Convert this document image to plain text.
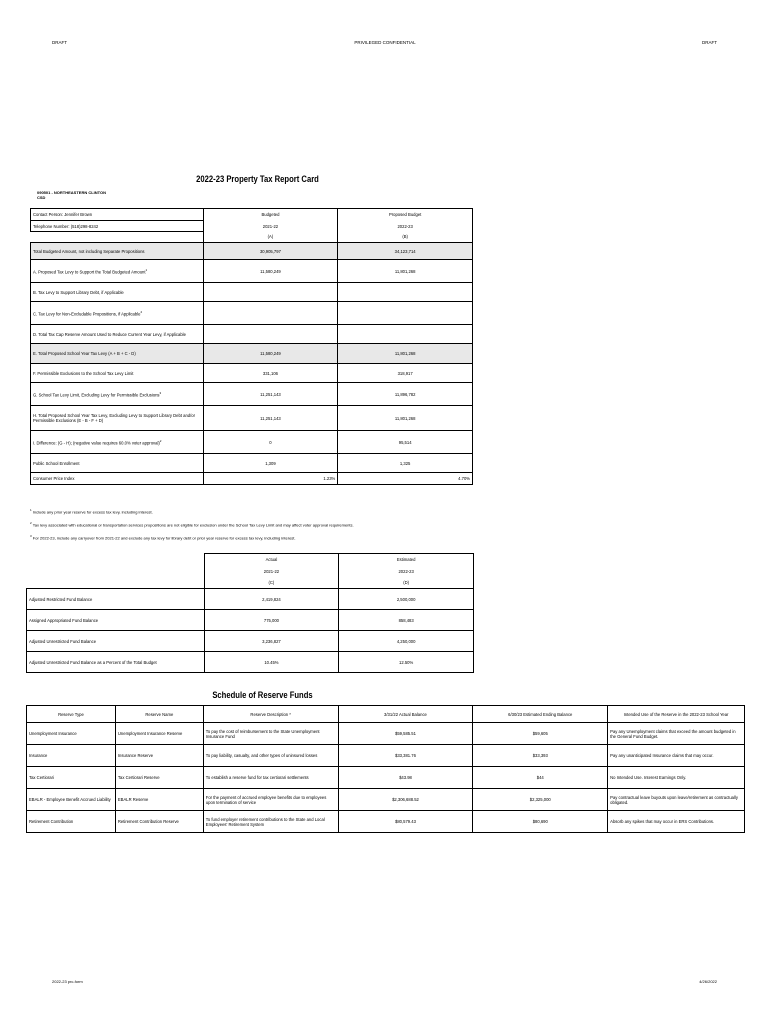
DRAFT	PRIVILEGED CONFIDENTIAL	DRAFT
2022-23 Property Tax Report Card
090501 - NORTHEASTERN CLINTON
CSD
Contact Person: Jennifer Brown	Budgeted	Proposed Budget
Telephone Number: (518)298-8242	2021-22	2022-23
	(A)	(B)
Total Budgeted Amount, not including Separate Propositions	30,905,797	34,123,714
A. Proposed Tax Levy to Support the Total Budgeted Amount$^1$	11,580,249	11,801,268
B. Tax Levy to Support Library Debt, if Applicable		
C. Tax Levy for Non-Excludable Propositions, if Applicable$^2$		
D. Total Tax Cap Reserve Amount Used to Reduce Current Year Levy, if Applicable		
E. Total Proposed School Year Tax Levy (A + B + C - D)	11,580,249	11,801,268
F. Permissible Exclusions to the School Tax Levy Limit	331,106	318,917
G. School Tax Levy Limit, Excluding Levy for Permissible Exclusions$^3$	11,251,143	11,896,782
H. Total Proposed School Year Tax Levy, Excluding Levy to Support Library Debt and/or Permissible Exclusions (E - B - F + D)	11,251,143	11,801,268
I. Difference: (G - H); (negative value requires 60.0% voter approval)$^2$	0	95,514
Public School Enrollment	1,309	1,325
Consumer Price Index	1.23%	4.70%
$^1$ Include any prior year reserve for excess tax levy, including interest.
$^2$ Tax levy associated with educational or transportation services propositions are not eligible for exclusion under the School Tax Levy Limit and may affect voter approval requirements.
$^3$ For 2022-23, include any carryover from 2021-22 and exclude any tax levy for library debt or prior year reserve for excess tax levy, including interest.
	Actual	Estimated
	2021-22	2022-23
	(C)	(D)
Adjusted Restricted Fund Balance	2,419,824	2,500,000
Assigned Appropriated Fund Balance	775,000	858,483
Adjusted Unrestricted Fund Balance	3,236,827	4,250,000
Adjusted Unrestricted Fund Balance as a Percent of the Total Budget	10.45%	12.50%
Schedule of Reserve Funds
Reserve Type	Reserve Name	Reserve Description *	3/31/22 Actual Balance	6/30/23 Estimated Ending Balance	Intended Use of the Reserve in the 2022-23 School Year
Unemployment Insurance	Unemployment Insurance Reserve	To pay the cost of reimbursement to the State Unemployment Insurance Fund	$59,585.51	$59,605	Pay any Unemployment claims that exceed the amount budgeted in the General Fund Budget.
Insurance	Insurance Reserve	To pay liability, casualty, and other types of uninsured losses	$33,381.76	$33,393	Pay any unanticipated Insurance claims that may occur.
Tax Certiorari	Tax Certiorari Reserve	To establish a reserve fund for tax certiorari settlements	$43.98	$44	No Intended Use. Interest Earnings Only.
EBALR - Employee Benefit Accrued Liability	EBALR Reserve	For the payment of accrued employee benefits due to employees upon termination of service	$2,306,688.52	$2,325,000	Pay contractual leave buyouts upon leave/retirement as contractually obligated.
Retirement Contribution	Retirement Contribution Reserve	To fund employer retirement contributions to the State and Local Employees' Retirement System	$80,579.43	$80,690	Absorb any spikes that may occur in ERS Contributions.
2022-23 prc-form	4/26/2022
